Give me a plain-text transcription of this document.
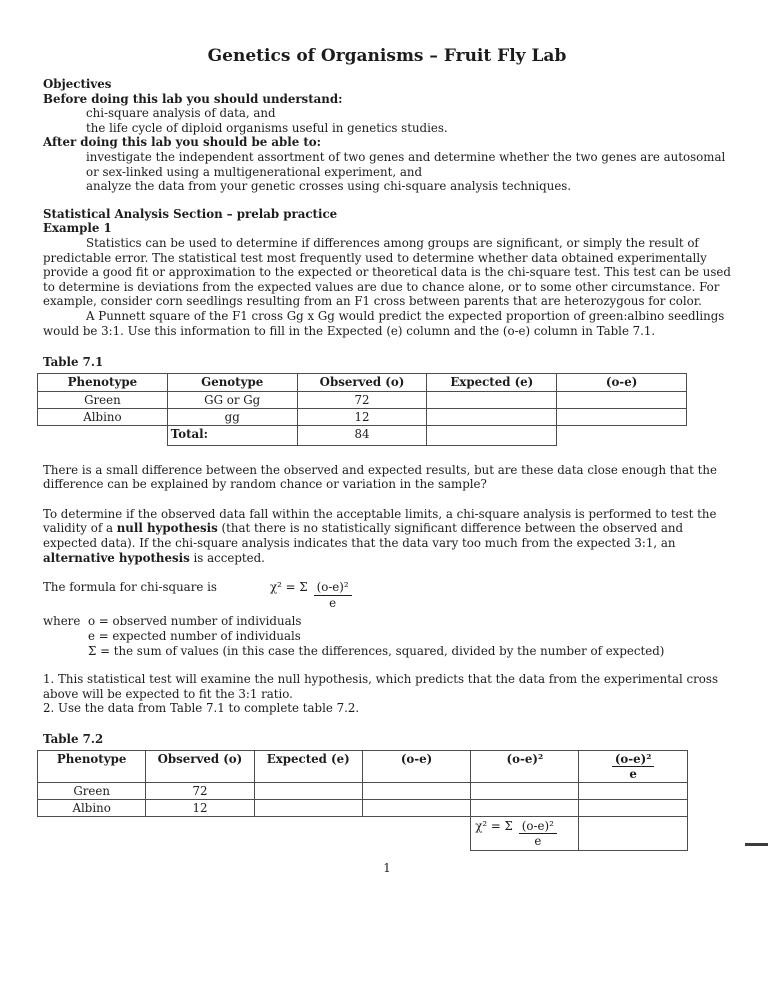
Genetics of Organisms – Fruit Fly Lab

Objectives

Before doing this lab you should understand:

chi-square analysis of data, and
the life cycle of diploid organisms useful in genetics studies.

After doing this lab you should be able to:

investigate the independent assortment of two genes and determine whether the two genes are autosomal or sex-linked using a multigenerational experiment, and
analyze the data from your genetic crosses using chi-square analysis techniques.

Statistical Analysis Section – prelab practice

Example 1

Statistics can be used to determine if differences among groups are significant, or simply the result of predictable error. The statistical test most frequently used to determine whether data obtained experimentally provide a good fit or approximation to the expected or theoretical data is the chi-square test. This test can be used to determine is deviations from the expected values are due to chance alone, or to some other circumstance. For example, consider corn seedlings resulting from an F1 cross between parents that are heterozygous for color.

A Punnett square of the F1 cross Gg x Gg would predict the expected proportion of green:albino seedlings would be 3:1. Use this information to fill in the Expected (e) column and the (o-e) column in Table 7.1.

Table 7.1

Phenotype	Genotype	Observed (o)	Expected (e)	(o-e)
Green	GG or Gg	72		
Albino	gg	12		
	Total:	84		

There is a small difference between the observed and expected results, but are these data close enough that the difference can be explained by random chance or variation in the sample?

To determine if the observed data fall within the acceptable limits, a chi-square analysis is performed to test the validity of a null hypothesis (that there is no statistically significant difference between the observed and expected data). If the chi-square analysis indicates that the data vary too much from the expected 3:1, an alternative hypothesis is accepted.

The formula for chi-square is	χ² = Σ $\frac{\text{(o-e)²}}{e}$
where o = observed number of individuals
e = expected number of individuals
Σ = the sum of values (in this case the differences, squared, divided by the number of expected)
1. This statistical test will examine the null hypothesis, which predicts that the data from the experimental cross above will be expected to fit the 3:1 ratio.
2. Use the data from Table 7.1 to complete table 7.2.

Table 7.2

Phenotype	Observed (o)	Expected (e)	(o-e)	(o-e)²	$\frac{\text{(o-e)²}}{e}$

Green	72				
Albino	12				

				χ² = Σ $\frac{\text{(o-e)²}}{e}$

1
